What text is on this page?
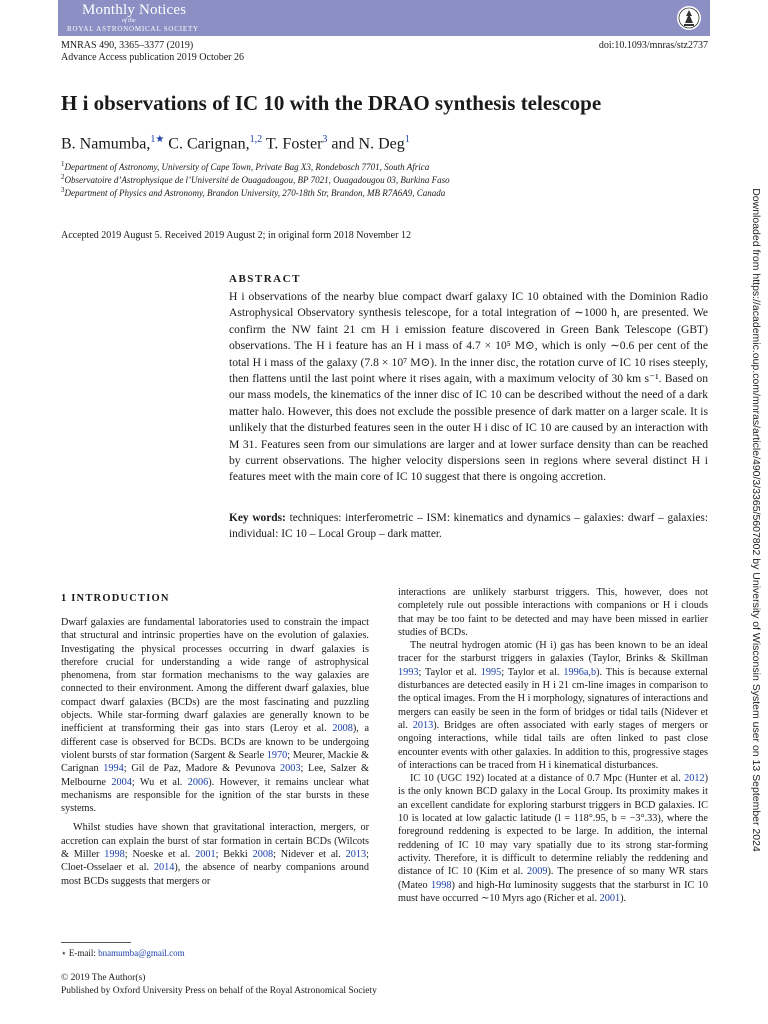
Monthly Notices
of the
ROYAL ASTRONOMICAL SOCIETY
MNRAS 490, 3365–3377 (2019)
Advance Access publication 2019 October 26
doi:10.1093/mnras/stz2737
H i observations of IC 10 with the DRAO synthesis telescope
B. Namumba,$^{1★}$ C. Carignan,$^{1,2}$ T. Foster$^3$ and N. Deg$^1$
$^1$Department of Astronomy, University of Cape Town, Private Bag X3, Rondebosch 7701, South Africa
$^2$Observatoire d’Astrophysique de l’Université de Ouagadougou, BP 7021, Ouagadougou 03, Burkina Faso
$^3$Department of Physics and Astronomy, Brandon University, 270-18th Str, Brandon, MB R7A6A9, Canada
Accepted 2019 August 5. Received 2019 August 2; in original form 2018 November 12
ABSTRACT
H i observations of the nearby blue compact dwarf galaxy IC 10 obtained with the Dominion Radio Astrophysical Observatory synthesis telescope, for a total integration of ∼1000 h, are presented. We confirm the NW faint 21 cm H i emission feature discovered in Green Bank Telescope (GBT) observations. The H i feature has an H i mass of 4.7 × 10⁵ M⊙, which is only ∼0.6 per cent of the total H i mass of the galaxy (7.8 × 10⁷ M⊙). In the inner disc, the rotation curve of IC 10 rises steeply, then flattens until the last point where it rises again, with a maximum velocity of 30 km s⁻¹. Based on our mass models, the kinematics of the inner disc of IC 10 can be described without the need of a dark matter halo. However, this does not exclude the possible presence of dark matter on a larger scale. It is unlikely that the disturbed features seen in the outer H i disc of IC 10 are caused by an interaction with M 31. Features seen from our simulations are larger and at lower surface density than can be reached by current observations. The higher velocity dispersions seen in regions where several distinct H i features meet with the main core of IC 10 suggest that there is ongoing accretion.
Key words: techniques: interferometric – ISM: kinematics and dynamics – galaxies: dwarf – galaxies: individual: IC 10 – Local Group – dark matter.
1 INTRODUCTION

Dwarf galaxies are fundamental laboratories used to constrain the impact that structural and intrinsic properties have on the evolution of galaxies. Investigating the physical processes occurring in dwarf galaxies is therefore crucial for understanding a wide range of astrophysical phenomena, from star formation mechanisms to the way galaxies are connected to their environment. Among the different dwarf galaxies, blue compact dwarf galaxies (BCDs) are the most fascinating and puzzling objects. While star-forming dwarf galaxies are generally known to be inefficient at transforming their gas into stars (Leroy et al. 2008), a different case is observed for BCDs. BCDs are known to be undergoing violent bursts of star formation (Sargent & Searle 1970; Meurer, Mackie & Carignan 1994; Gil de Paz, Madore & Pevunova 2003; Lee, Salzer & Melbourne 2004; Wu et al. 2006). However, it remains unclear what mechanisms are responsible for the ignition of the star bursts in these systems.

Whilst studies have shown that gravitational interaction, mergers, or accretion can explain the burst of star formation in certain BCDs (Wilcots & Miller 1998; Noeske et al. 2001; Bekki 2008; Nidever et al. 2013; Cloet-Osselaer et al. 2014), the absence of nearby companions around most BCDs suggests that mergers or

interactions are unlikely starburst triggers. This, however, does not completely rule out possible interactions with companions or H i clouds that may be too faint to be detected and may have been missed in earlier studies of BCDs.

The neutral hydrogen atomic (H i) gas has been known to be an ideal tracer for the starburst triggers in galaxies (Taylor, Brinks & Skillman 1993; Taylor et al. 1995; Taylor et al. 1996a,b). This is because external disturbances are detected easily in H i 21 cm-line images in comparison to the optical images. From the H i morphology, signatures of interactions and mergers can easily be seen in the form of bridges or tidal tails (Nidever et al. 2013). Bridges are often associated with early stages of mergers or ongoing interactions, while tidal tails are often linked to past close encounter events with other galaxies. In addition to this, progressive stages of interactions can be traced from H i kinematical disturbances.

IC 10 (UGC 192) located at a distance of 0.7 Mpc (Hunter et al. 2012) is the only known BCD galaxy in the Local Group. Its proximity makes it an excellent candidate for exploring starburst triggers in BCD galaxies. IC 10 is located at low galactic latitude (l = 118°.95, b = −3°.33), where the foreground reddening is expected to be large. In addition, the internal reddening of IC 10 may vary spatially due to its strong star-forming activity. Therefore, it is difficult to determine reliably the reddening and distance of IC 10 (Kim et al. 2009). The presence of so many WR stars (Mateo 1998) and high-Hα luminosity suggests that the starburst in IC 10 must have occurred ∼10 Myrs ago (Richer et al. 2001).

⋆ E-mail: bnamumba@gmail.com
© 2019 The Author(s)
Published by Oxford University Press on behalf of the Royal Astronomical Society
Downloaded from https://academic.oup.com/mnras/article/490/3/3365/5607802 by University of Wisconsin System user on 13 September 2024
